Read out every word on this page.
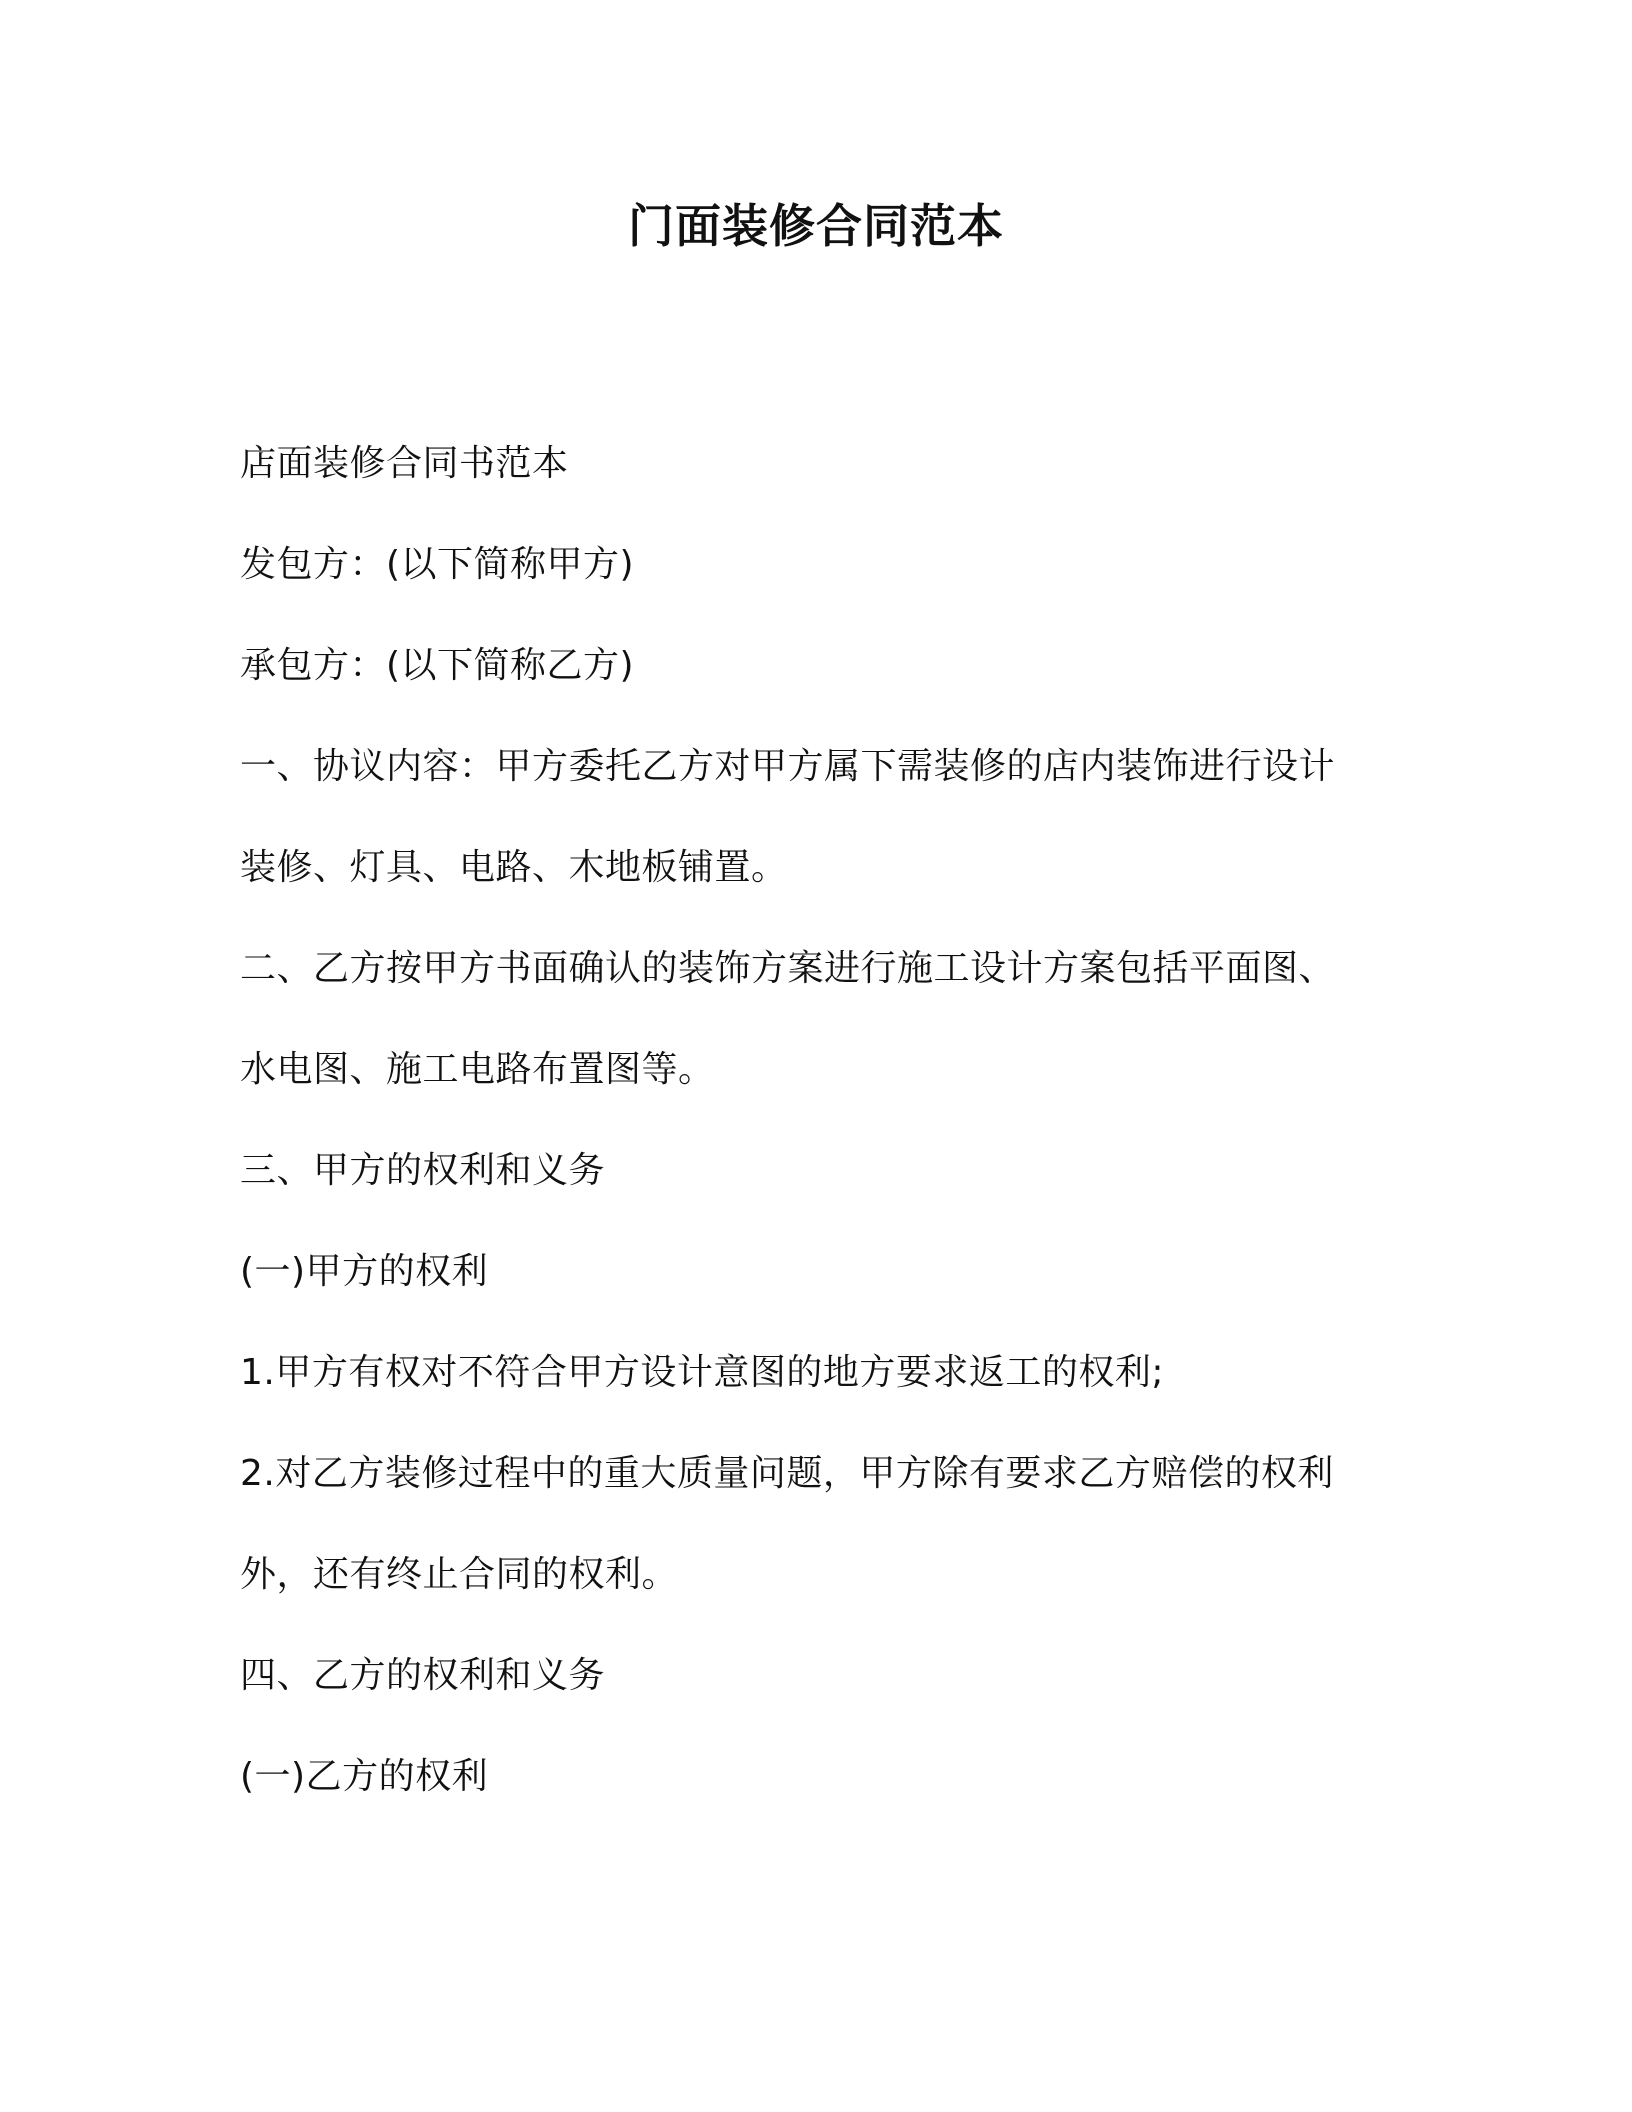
门面装修合同范本
店面装修合同书范本
发包方：(以下简称甲方)
承包方：(以下简称乙方)
一、协议内容：甲方委托乙方对甲方属下需装修的店内装饰进行设计
装修、灯具、电路、木地板铺置。
二、乙方按甲方书面确认的装饰方案进行施工设计方案包括平面图、
水电图、施工电路布置图等。
三、甲方的权利和义务
(一)甲方的权利
1.甲方有权对不符合甲方设计意图的地方要求返工的权利;
2.对乙方装修过程中的重大质量问题，甲方除有要求乙方赔偿的权利
外，还有终止合同的权利。
四、乙方的权利和义务
(一)乙方的权利
